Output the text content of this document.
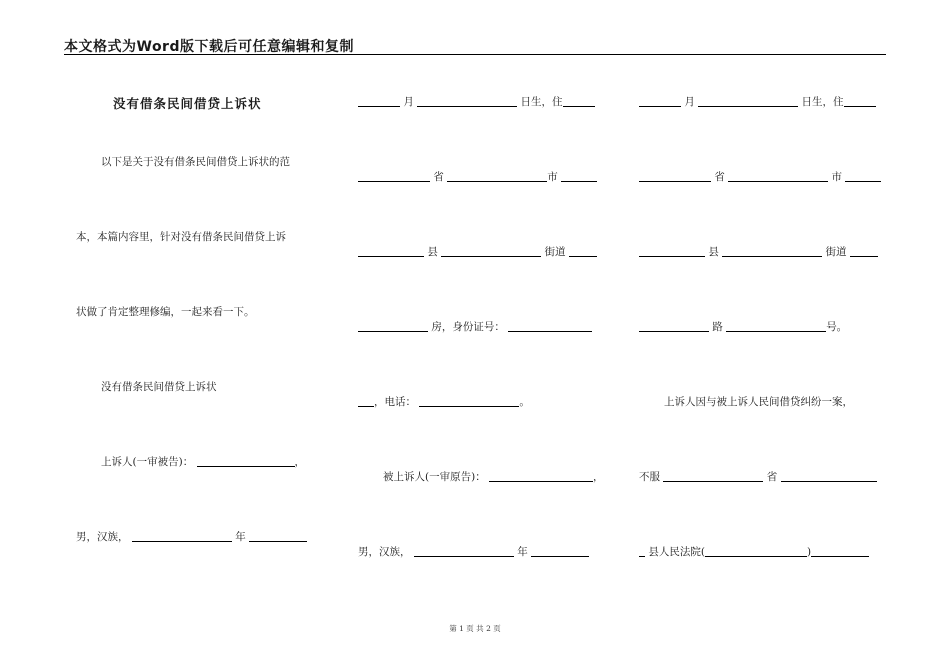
本文格式为Word版下载后可任意编辑和复制
没有借条民间借贷上诉状
以下是关于没有借条民间借贷上诉状的范
本，本篇内容里，针对没有借条民间借贷上诉
状做了肯定整理修编，一起来看一下。
没有借条民间借贷上诉状
上诉人(一审被告)：	，
男，汉族，	年
月	日生，住
省	市
县	街道
房，身份证号：
，电话：	。
被上诉人(一审原告)：	，
男，汉族，	年
月	日生，住
省	市
县	街道
路	号。
上诉人因与被上诉人民间借贷纠纷一案，
不服	省
县人民法院(	)
第 1 页 共 2 页
